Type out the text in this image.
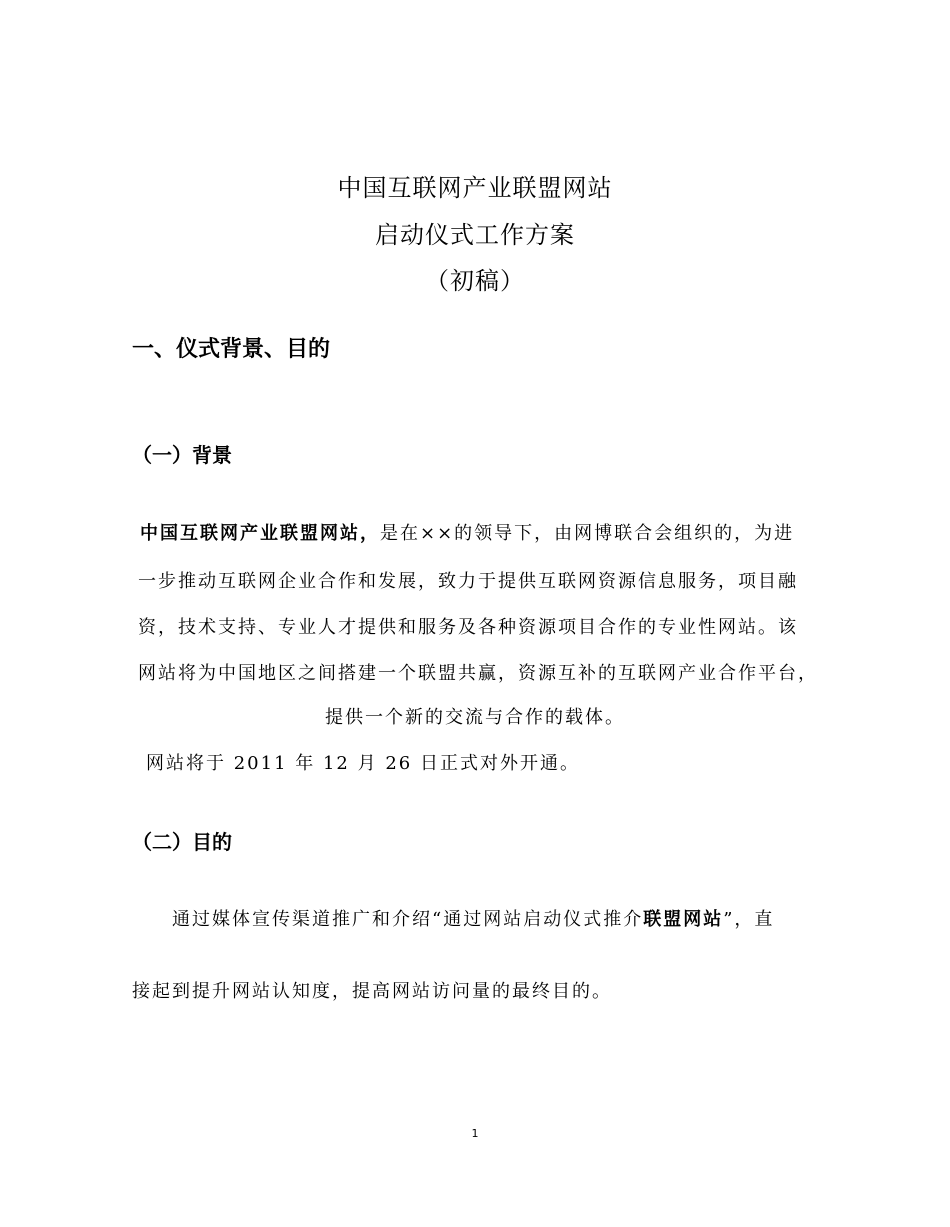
中国互联网产业联盟网站
启动仪式工作方案
（初稿）
一、仪式背景、目的
（一）背景
中国互联网产业联盟网站，是在××的领导下，由网博联合会组织的，为进
一步推动互联网企业合作和发展，致力于提供互联网资源信息服务，项目融
资，技术支持、专业人才提供和服务及各种资源项目合作的专业性网站。该
网站将为中国地区之间搭建一个联盟共赢，资源互补的互联网产业合作平台，
提供一个新的交流与合作的载体。
网站将于 2011 年 12 月 26 日正式对外开通。
（二）目的
通过媒体宣传渠道推广和介绍“通过网站启动仪式推介联盟网站”，直
接起到提升网站认知度，提高网站访问量的最终目的。
1
